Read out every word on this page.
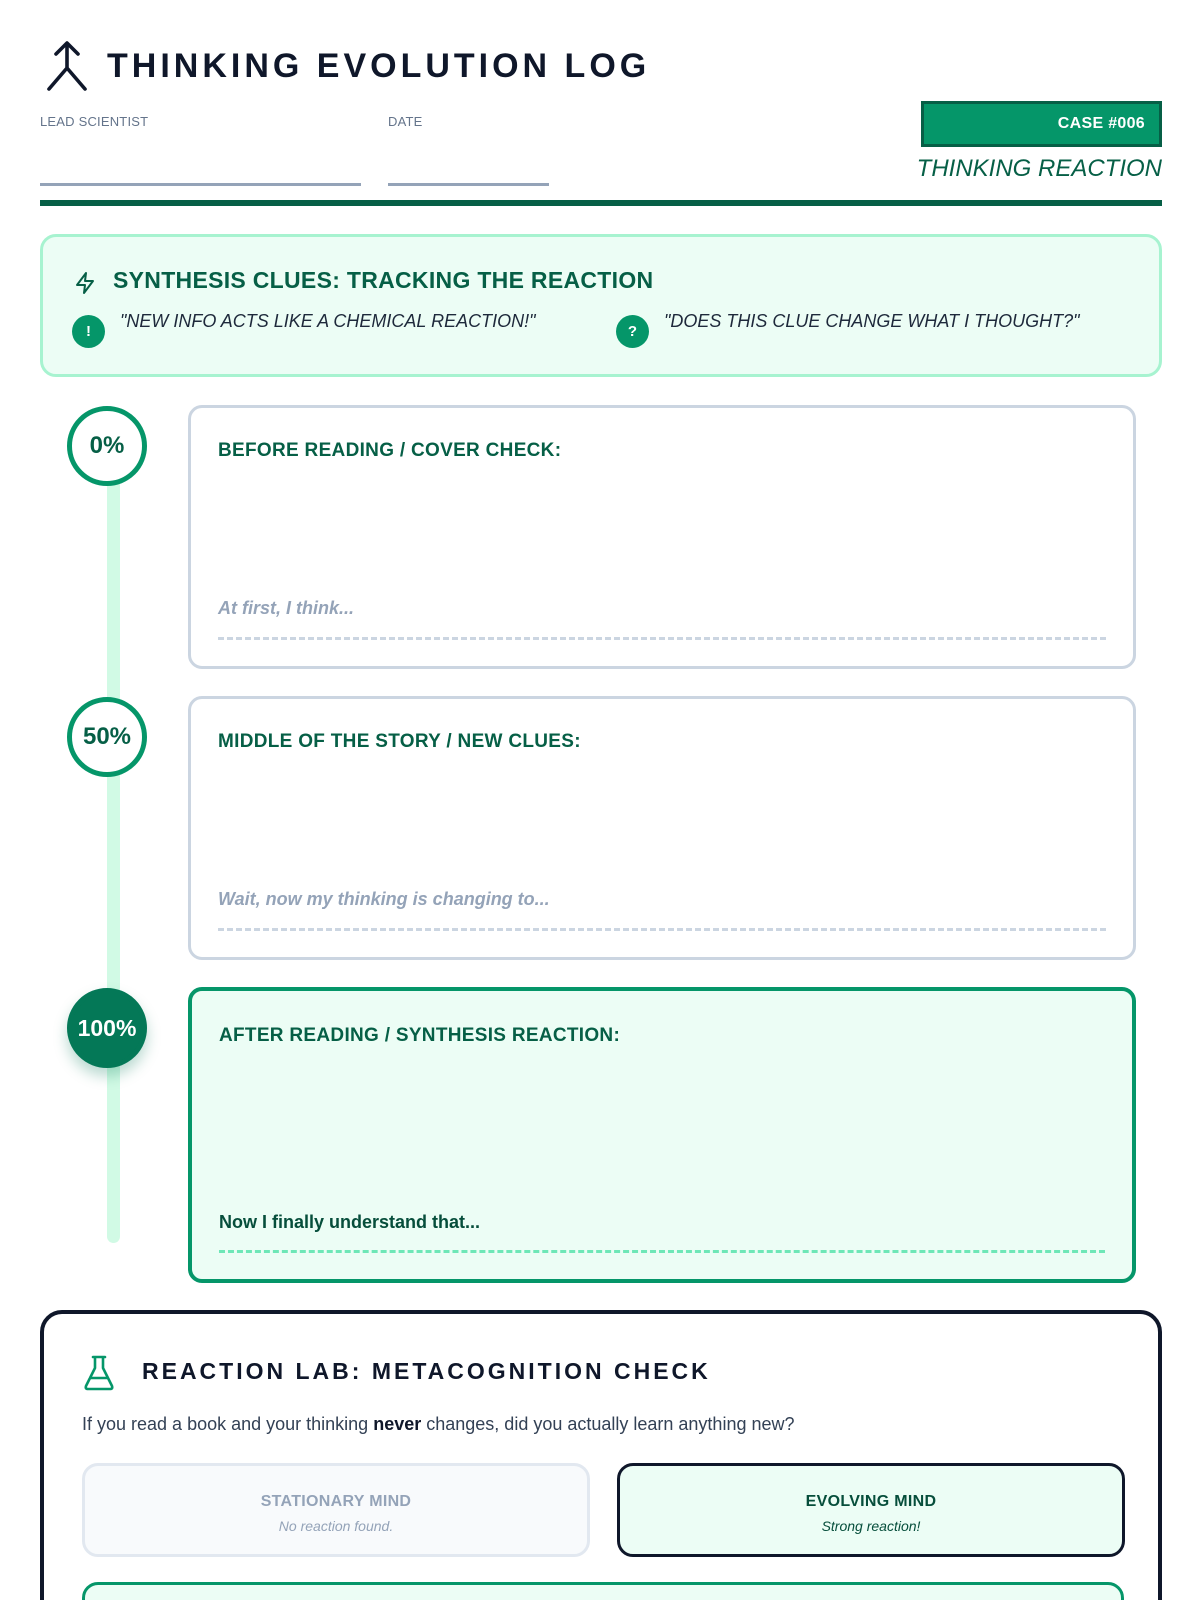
THINKING EVOLUTION LOG
LEAD SCIENTIST	DATE	CASE #006
THINKING REACTION
SYNTHESIS CLUES: TRACKING THE REACTION
!
"NEW INFO ACTS LIKE A CHEMICAL REACTION!"
?
"DOES THIS CLUE CHANGE WHAT I THOUGHT?"
0%
50%
100%
BEFORE READING / COVER CHECK:
At first, I think...
MIDDLE OF THE STORY / NEW CLUES:
Wait, now my thinking is changing to...
AFTER READING / SYNTHESIS REACTION:
Now I finally understand that...
REACTION LAB: METACOGNITION CHECK
If you read a book and your thinking never changes, did you actually learn anything new?
STATIONARY MIND
No reaction found.
EVOLVING MIND
Strong reaction!
